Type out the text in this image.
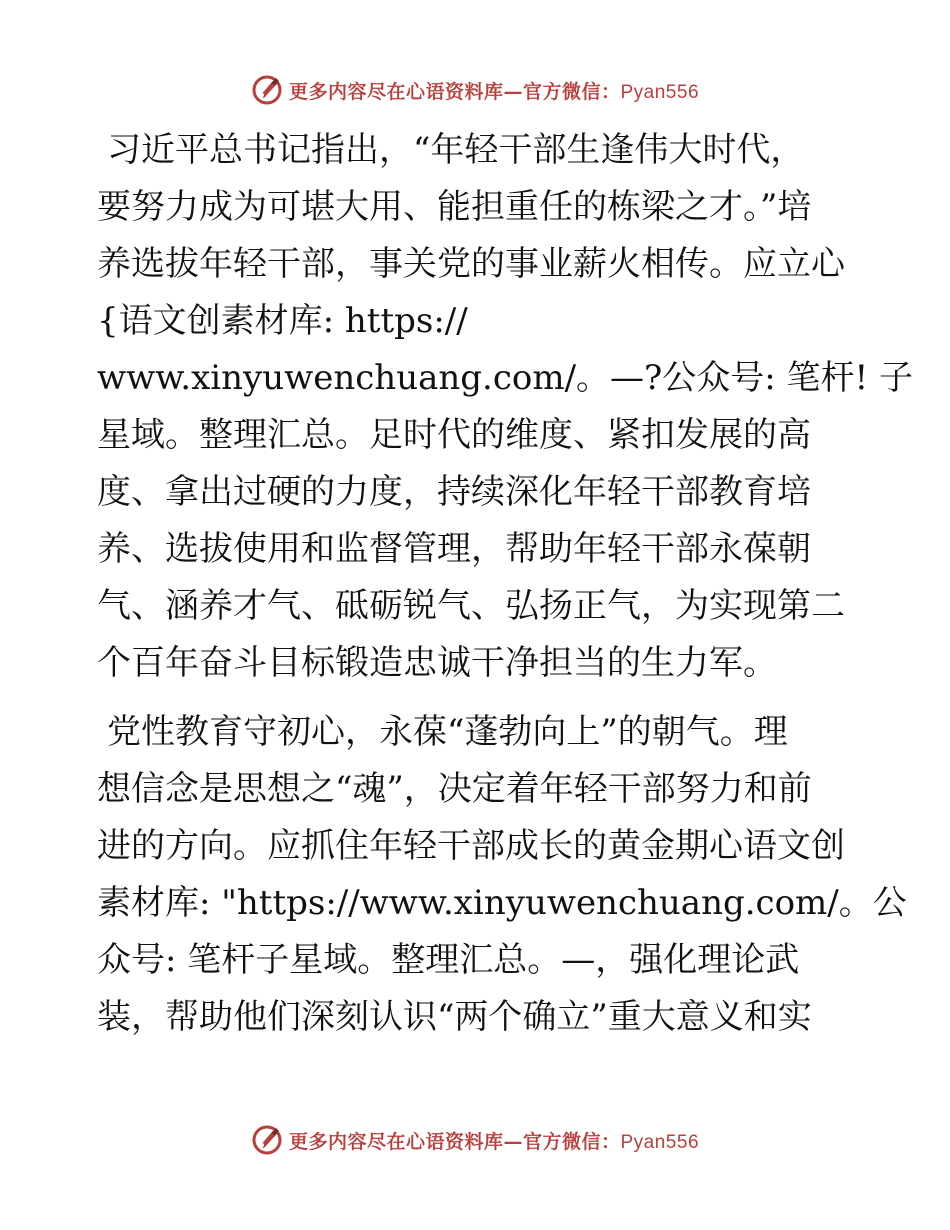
更多内容尽在心语资料库—官方微信：Pyan556

习近平总书记指出，“年轻干部生逢伟大时代，
要努力成为可堪大用、能担重任的栋梁之才。”培
养选拔年轻干部，事关党的事业薪火相传。应立心
{语文创素材库: https://
www.xinyuwenchuang.com/。—?公众号: 笔杆! 子
星域。整理汇总。足时代的维度、紧扣发展的高
度、拿出过硬的力度，持续深化年轻干部教育培
养、选拔使用和监督管理，帮助年轻干部永葆朝
气、涵养才气、砥砺锐气、弘扬正气，为实现第二
个百年奋斗目标锻造忠诚干净担当的生力军。

党性教育守初心，永葆“蓬勃向上”的朝气。理
想信念是思想之“魂”，决定着年轻干部努力和前
进的方向。应抓住年轻干部成长的黄金期心语文创
素材库: "https://www.xinyuwenchuang.com/。公
众号: 笔杆子星域。整理汇总。—，强化理论武
装，帮助他们深刻认识“两个确立”重大意义和实

更多内容尽在心语资料库—官方微信：Pyan556
